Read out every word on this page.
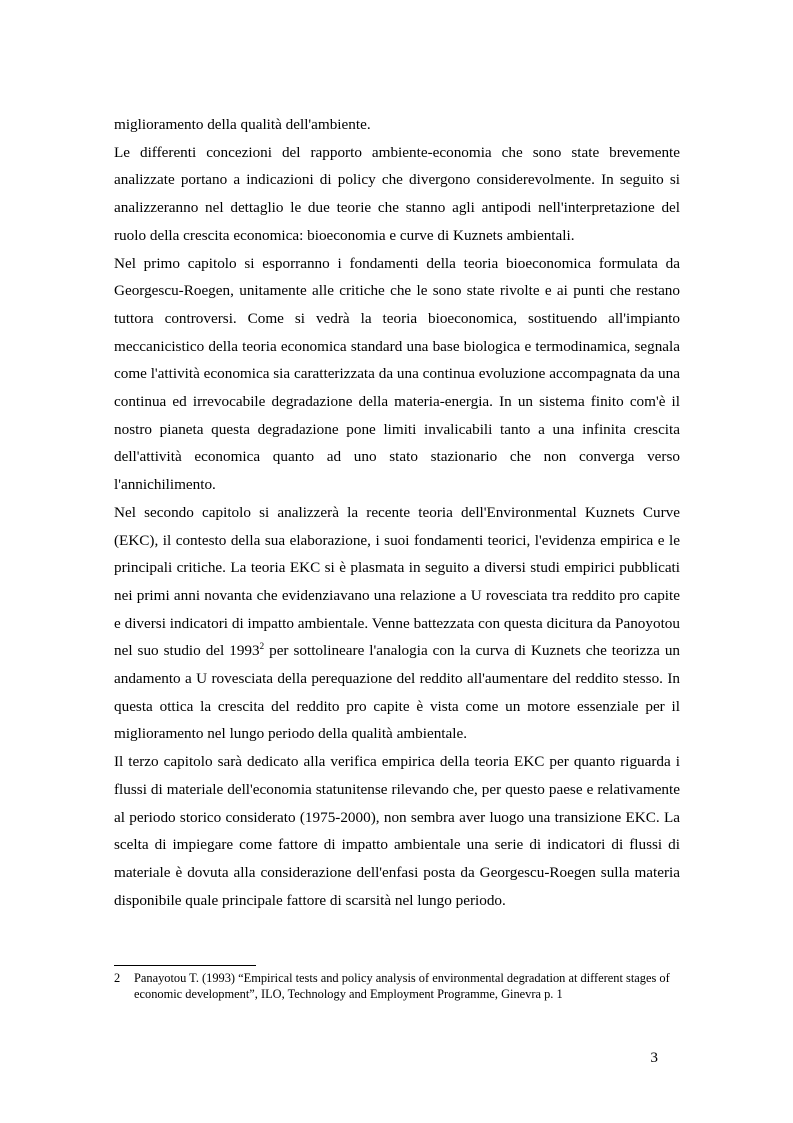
miglioramento della qualità dell'ambiente.

Le differenti concezioni del rapporto ambiente-economia che sono state brevemente analizzate portano a indicazioni di policy che divergono considerevolmente. In seguito si analizzeranno nel dettaglio le due teorie che stanno agli antipodi nell'interpretazione del ruolo della crescita economica: bioeconomia e curve di Kuznets ambientali.

Nel primo capitolo si esporranno i fondamenti della teoria bioeconomica formulata da Georgescu-Roegen, unitamente alle critiche che le sono state rivolte e ai punti che restano tuttora controversi. Come si vedrà la teoria bioeconomica, sostituendo all'impianto meccanicistico della teoria economica standard una base biologica e termodinamica, segnala come l'attività economica sia caratterizzata da una continua evoluzione accompagnata da una continua ed irrevocabile degradazione della materia-energia. In un sistema finito com'è il nostro pianeta questa degradazione pone limiti invalicabili tanto a una infinita crescita dell'attività economica quanto ad uno stato stazionario che non converga verso l'annichilimento.

Nel secondo capitolo si analizzerà la recente teoria dell'Environmental Kuznets Curve (EKC), il contesto della sua elaborazione, i suoi fondamenti teorici, l'evidenza empirica e le principali critiche. La teoria EKC si è plasmata in seguito a diversi studi empirici pubblicati nei primi anni novanta che evidenziavano una relazione a U rovesciata tra reddito pro capite e diversi indicatori di impatto ambientale. Venne battezzata con questa dicitura da Panoyotou nel suo studio del 1993$^2$ per sottolineare l'analogia con la curva di Kuznets che teorizza un andamento a U rovesciata della perequazione del reddito all'aumentare del reddito stesso. In questa ottica la crescita del reddito pro capite è vista come un motore essenziale per il miglioramento nel lungo periodo della qualità ambientale.

Il terzo capitolo sarà dedicato alla verifica empirica della teoria EKC per quanto riguarda i flussi di materiale dell'economia statunitense rilevando che, per questo paese e relativamente al periodo storico considerato (1975-2000), non sembra aver luogo una transizione EKC. La scelta di impiegare come fattore di impatto ambientale una serie di indicatori di flussi di materiale è dovuta alla considerazione dell'enfasi posta da Georgescu-Roegen sulla materia disponibile quale principale fattore di scarsità nel lungo periodo.

2 Panayotou T. (1993) “Empirical tests and policy analysis of environmental degradation at different stages of economic development”, ILO, Technology and Employment Programme, Ginevra p. 1
3
